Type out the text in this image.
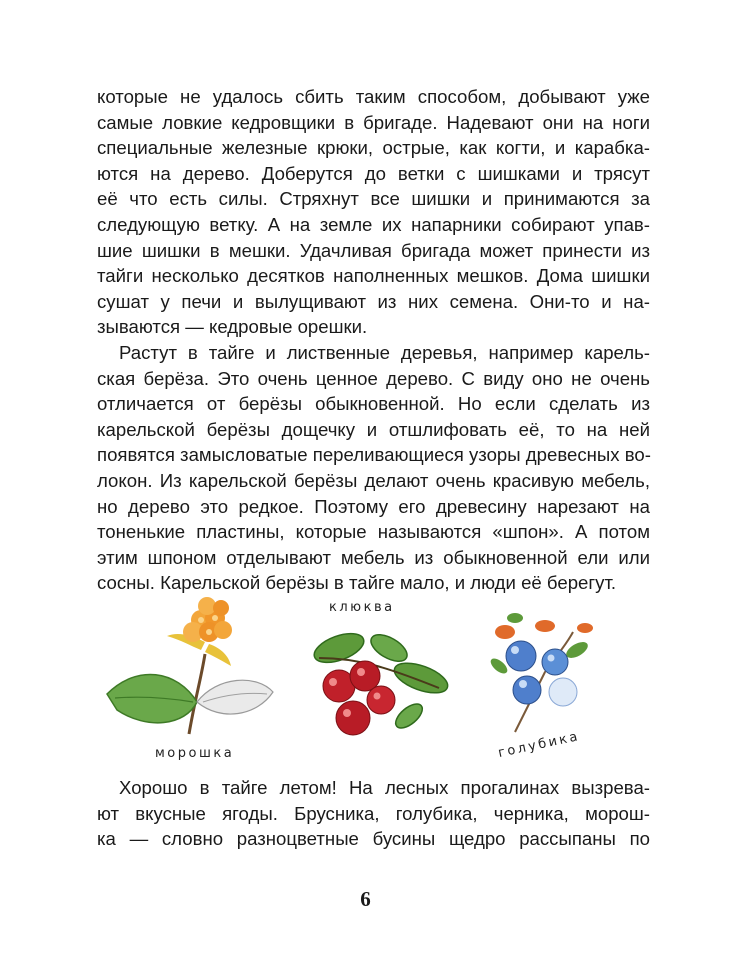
которые не удалось сбить таким способом, добывают уже
самые ловкие кедровщики в бригаде. Надевают они на ноги
специальные железные крюки, острые, как когти, и карабка-
ются на дерево. Доберутся до ветки с шишками и трясут
её что есть силы. Стряхнут все шишки и принимаются за
следующую ветку. А на земле их напарники собирают упав-
шие шишки в мешки. Удачливая бригада может принести из
тайги несколько десятков наполненных мешков. Дома шишки
сушат у печи и вылущивают из них семена. Они-то и на-
зываются — кедровые орешки.
Растут в тайге и лиственные деревья, например карель-
ская берёза. Это очень ценное дерево. С виду оно не очень
отличается от берёзы обыкновенной. Но если сделать из
карельской берёзы дощечку и отшлифовать её, то на ней
появятся замысловатые переливающиеся узоры древесных во-
локон. Из карельской берёзы делают очень красивую мебель,
но дерево это редкое. Поэтому его древесину нарезают на
тоненькие пластины, которые называются «шпон». А потом
этим шпоном отделывают мебель из обыкновенной ели или
сосны. Карельской берёзы в тайге мало, и люди её берегут.
морошка
клюква
голубика
Хорошо в тайге летом! На лесных прогалинах вызрева-
ют вкусные ягоды. Брусника, голубика, черника, морош-
ка — словно разноцветные бусины щедро рассыпаны по
6
